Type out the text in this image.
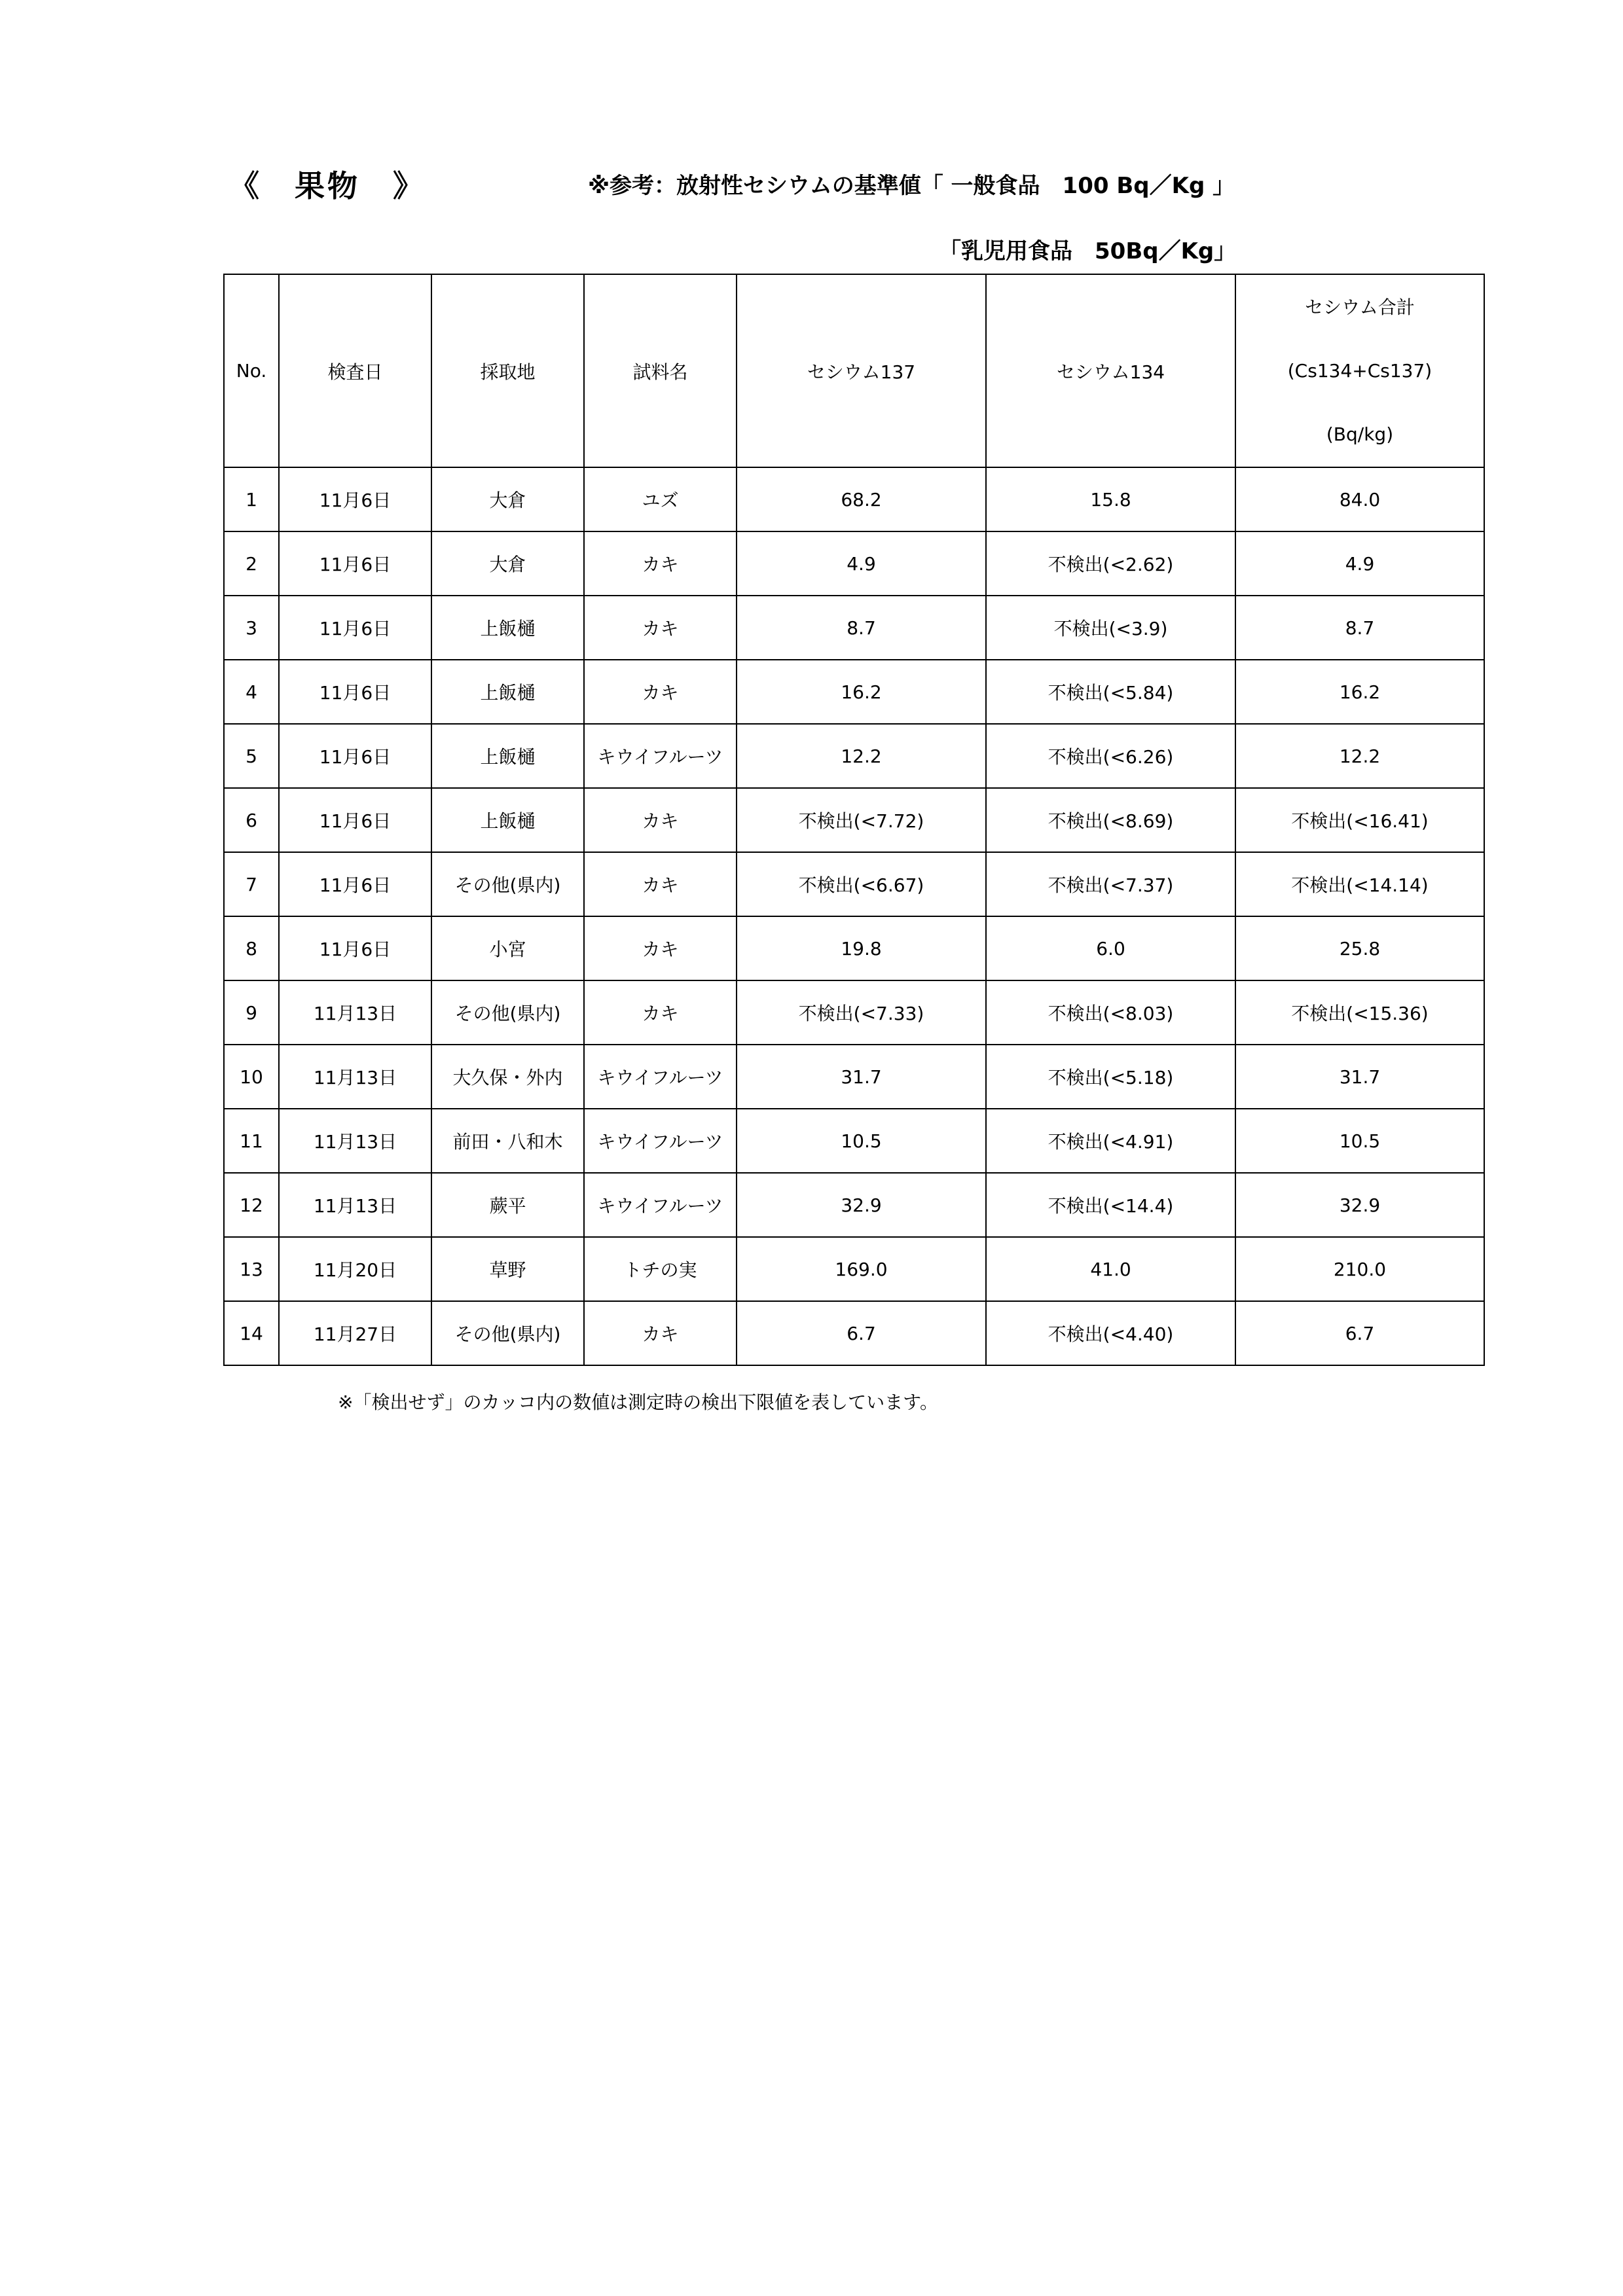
《　果物　》	※参考：放射性セシウムの基準値「 一般食品　100 Bq／Kg 」
「乳児用食品　50Bq／Kg」
No.	検査日	採取地	試料名	セシウム137	セシウム134	セシウム合計
(Cs134+Cs137)
(Bq/kg)

1	11月6日	大倉	ユズ	68.2	15.8	84.0
2	11月6日	大倉	カキ	4.9	不検出(<2.62)	4.9
3	11月6日	上飯樋	カキ	8.7	不検出(<3.9)	8.7
4	11月6日	上飯樋	カキ	16.2	不検出(<5.84)	16.2
5	11月6日	上飯樋	キウイフルーツ	12.2	不検出(<6.26)	12.2
6	11月6日	上飯樋	カキ	不検出(<7.72)	不検出(<8.69)	不検出(<16.41)
7	11月6日	その他(県内)	カキ	不検出(<6.67)	不検出(<7.37)	不検出(<14.14)
8	11月6日	小宮	カキ	19.8	6.0	25.8
9	11月13日	その他(県内)	カキ	不検出(<7.33)	不検出(<8.03)	不検出(<15.36)
10	11月13日	大久保・外内	キウイフルーツ	31.7	不検出(<5.18)	31.7
11	11月13日	前田・八和木	キウイフルーツ	10.5	不検出(<4.91)	10.5
12	11月13日	蕨平	キウイフルーツ	32.9	不検出(<14.4)	32.9
13	11月20日	草野	トチの実	169.0	41.0	210.0
14	11月27日	その他(県内)	カキ	6.7	不検出(<4.40)	6.7
※「検出せず」のカッコ内の数値は測定時の検出下限値を表しています。
